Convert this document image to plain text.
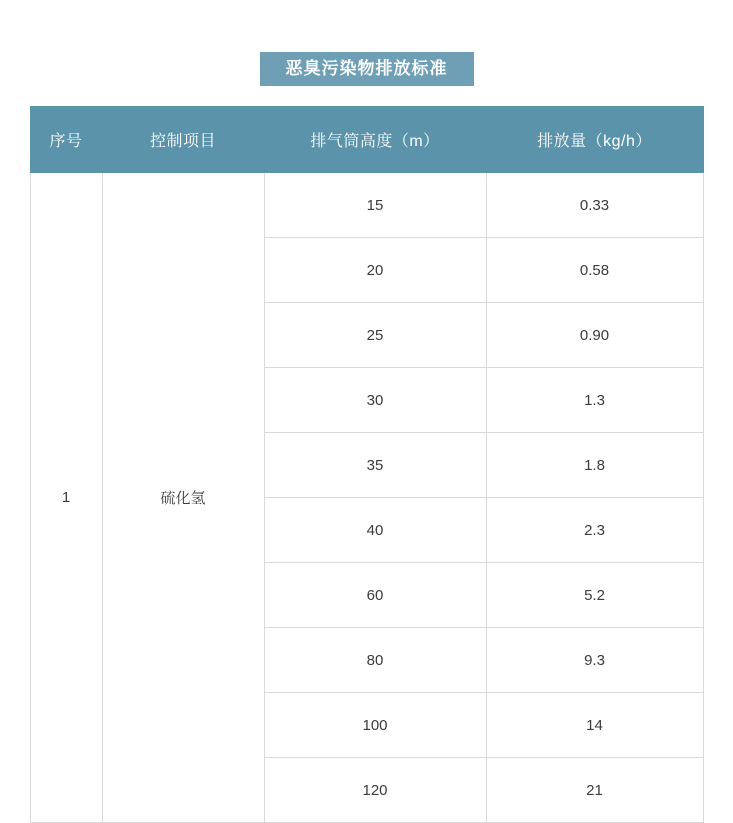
恶臭污染物排放标准
序号	控制项目	排气筒高度（m）	排放量（kg/h）
1	硫化氢	15	0.33
		20	0.58
		25	0.90
		30	1.3
		35	1.8
		40	2.3
		60	5.2
		80	9.3
		100	14
		120	21
